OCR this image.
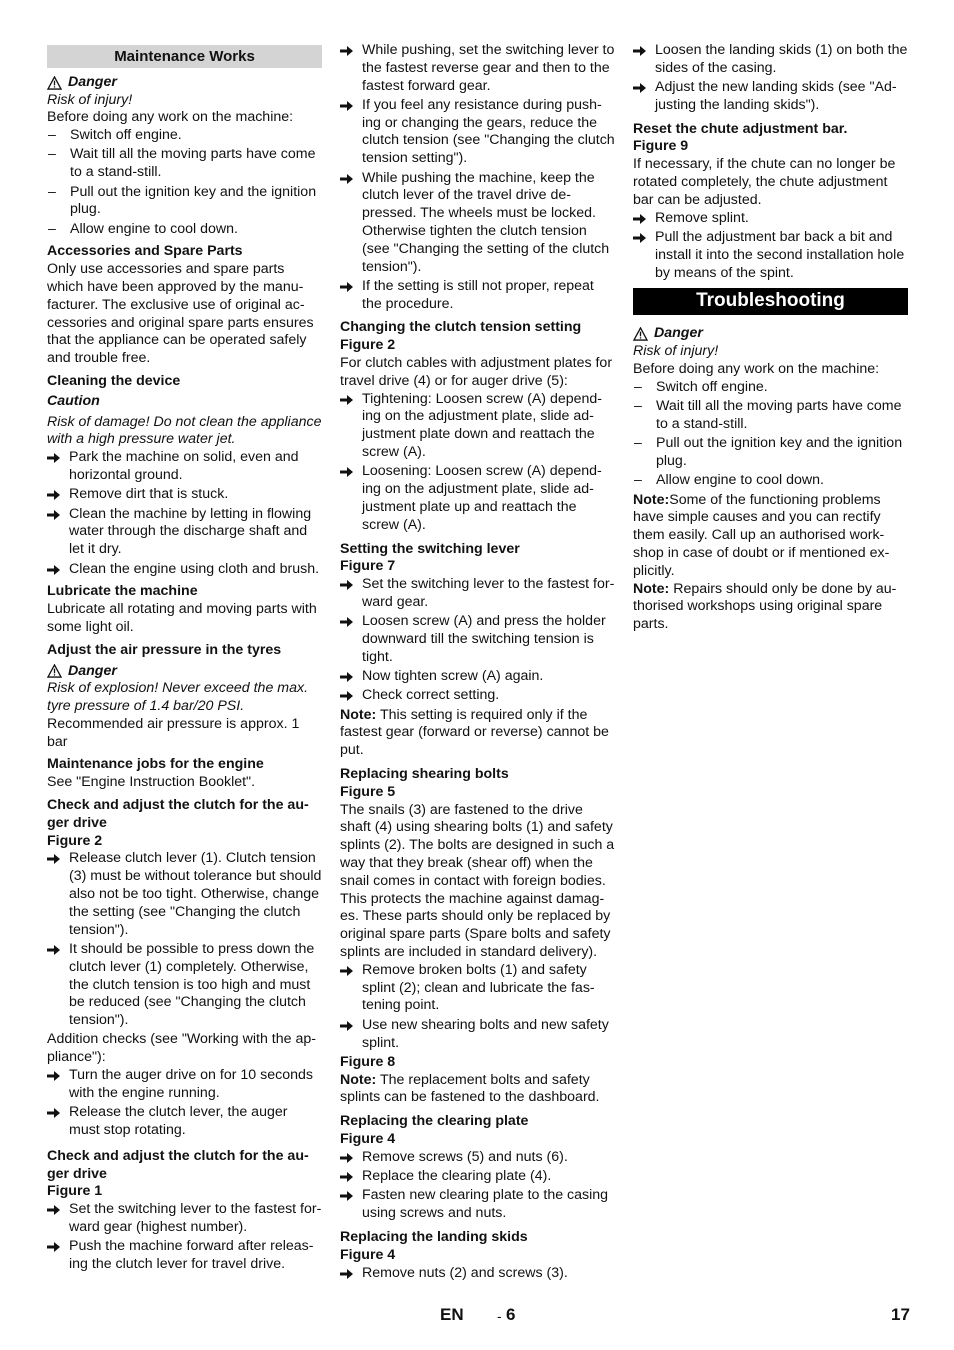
Maintenance Works
Danger

Risk of injury!

Before doing any work on the machine:

– Switch off engine.
– Wait till all the moving parts have come to a stand-still.
– Pull out the ignition key and the ignition plug.
– Allow engine to cool down.

Accessories and Spare Parts

Only use accessories and spare parts which have been approved by the manu-facturer. The exclusive use of original ac-cessories and original spare parts ensures that the appliance can be operated safely and trouble free.

Cleaning the device

Caution

Risk of damage! Do not clean the appliance with a high pressure water jet.

Park the machine on solid, even and horizontal ground.
Remove dirt that is stuck.
Clean the machine by letting in flowing water through the discharge shaft and let it dry.
Clean the engine using cloth and brush.

Lubricate the machine

Lubricate all rotating and moving parts with some light oil.

Adjust the air pressure in the tyres

Danger

Risk of explosion! Never exceed the max. tyre pressure of 1.4 bar/20 PSI.

Recommended air pressure is approx. 1 bar

Maintenance jobs for the engine

See "Engine Instruction Booklet".

Check and adjust the clutch for the au-ger drive

Figure 2

Release clutch lever (1). Clutch tension (3) must be without tolerance but should also not be too tight. Otherwise, change the setting (see "Changing the clutch tension").
It should be possible to press down the clutch lever (1) completely. Otherwise, the clutch tension is too high and must be reduced (see "Changing the clutch tension").

Addition checks (see "Working with the ap-pliance"):

Turn the auger drive on for 10 seconds with the engine running.
Release the clutch lever, the auger must stop rotating.

Check and adjust the clutch for the au-ger drive

Figure 1

Set the switching lever to the fastest for-ward gear (highest number).
Push the machine forward after releas-ing the clutch lever for travel drive.
While pushing, set the switching lever to the fastest reverse gear and then to the fastest forward gear.
If you feel any resistance during push-ing or changing the gears, reduce the clutch tension (see "Changing the clutch tension setting").
While pushing the machine, keep the clutch lever of the travel drive de-pressed. The wheels must be locked. Otherwise tighten the clutch tension (see "Changing the setting of the clutch tension").
If the setting is still not proper, repeat the procedure.

Changing the clutch tension setting

Figure 2

For clutch cables with adjustment plates for travel drive (4) or for auger drive (5):

Tightening: Loosen screw (A) depend-ing on the adjustment plate, slide ad-justment plate down and reattach the screw (A).
Loosening: Loosen screw (A) depend-ing on the adjustment plate, slide ad-justment plate up and reattach the screw (A).

Setting the switching lever

Figure 7

Set the switching lever to the fastest for-ward gear.
Loosen screw (A) and press the holder downward till the switching tension is tight.
Now tighten screw (A) again.
Check correct setting.

Note: This setting is required only if the fastest gear (forward or reverse) cannot be put.

Replacing shearing bolts

Figure 5

The snails (3) are fastened to the drive shaft (4) using shearing bolts (1) and safety splints (2). The bolts are designed in such a way that they break (shear off) when the snail comes in contact with foreign bodies. This protects the machine against damag-es. These parts should only be replaced by original spare parts (Spare bolts and safety splints are included in standard delivery).

Remove broken bolts (1) and safety splint (2); clean and lubricate the fas-tening point.
Use new shearing bolts and new safety splint.

Figure 8

Note: The replacement bolts and safety splints can be fastened to the dashboard.

Replacing the clearing plate

Figure 4

Remove screws (5) and nuts (6).
Replace the clearing plate (4).
Fasten new clearing plate to the casing using screws and nuts.

Replacing the landing skids

Figure 4

Remove nuts (2) and screws (3).
Loosen the landing skids (1) on both the sides of the casing.
Adjust the new landing skids (see "Ad-justing the landing skids").

Reset the chute adjustment bar.

Figure 9

If necessary, if the chute can no longer be rotated completely, the chute adjustment bar can be adjusted.

Remove splint.
Pull the adjustment bar back a bit and install it into the second installation hole by means of the spint.
Troubleshooting
Danger

Risk of injury!

Before doing any work on the machine:

– Switch off engine.
– Wait till all the moving parts have come to a stand-still.
– Pull out the ignition key and the ignition plug.
– Allow engine to cool down.

Note:Some of the functioning problems have simple causes and you can rectify them easily. Call up an authorised work-shop in case of doubt or if mentioned ex-plicitly.

Note: Repairs should only be done by au-thorised workshops using original spare parts.

EN - 6	17
